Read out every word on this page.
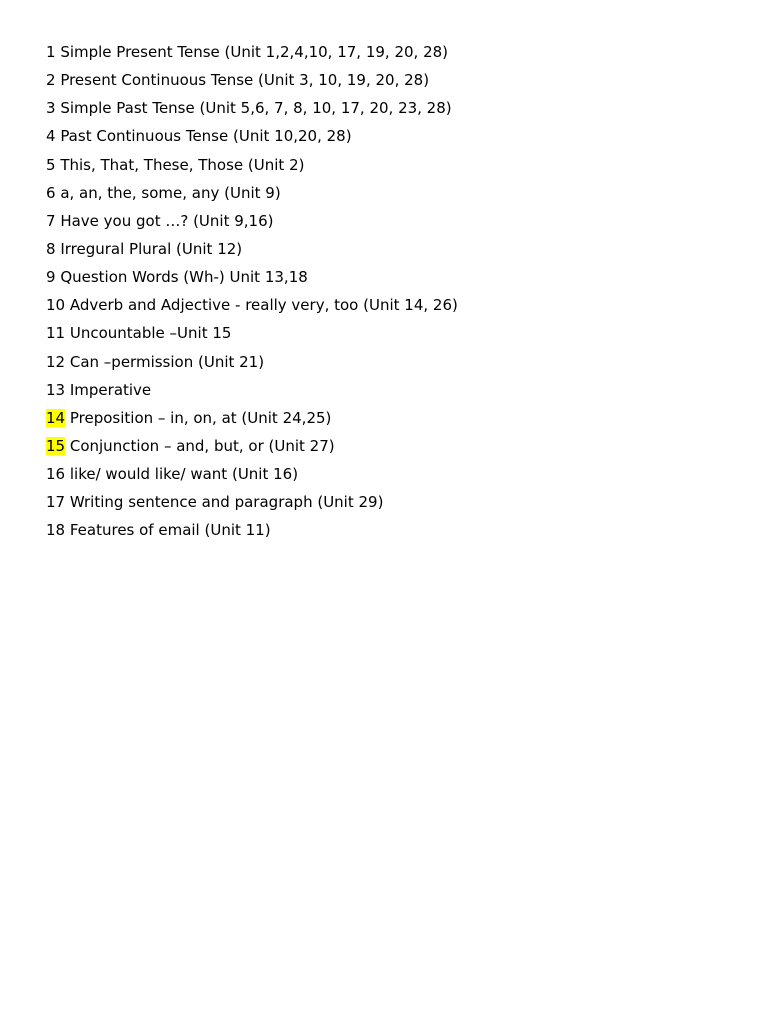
1 Simple Present Tense (Unit 1,2,4,10, 17, 19, 20, 28)
2 Present Continuous Tense (Unit 3, 10, 19, 20, 28)
3 Simple Past Tense (Unit 5,6, 7, 8, 10, 17, 20, 23, 28)
4 Past Continuous Tense (Unit 10,20, 28)
5 This, That, These, Those (Unit 2)
6 a, an, the, some, any (Unit 9)
7 Have you got …? (Unit 9,16)
8 Irregural Plural (Unit 12)
9 Question Words (Wh-) Unit 13,18
10 Adverb and Adjective - really very, too (Unit 14, 26)
11 Uncountable –Unit 15
12 Can –permission (Unit 21)
13 Imperative
14 Preposition – in, on, at (Unit 24,25)
15 Conjunction – and, but, or (Unit 27)
16 like/ would like/ want (Unit 16)
17 Writing sentence and paragraph (Unit 29)
18 Features of email (Unit 11)
